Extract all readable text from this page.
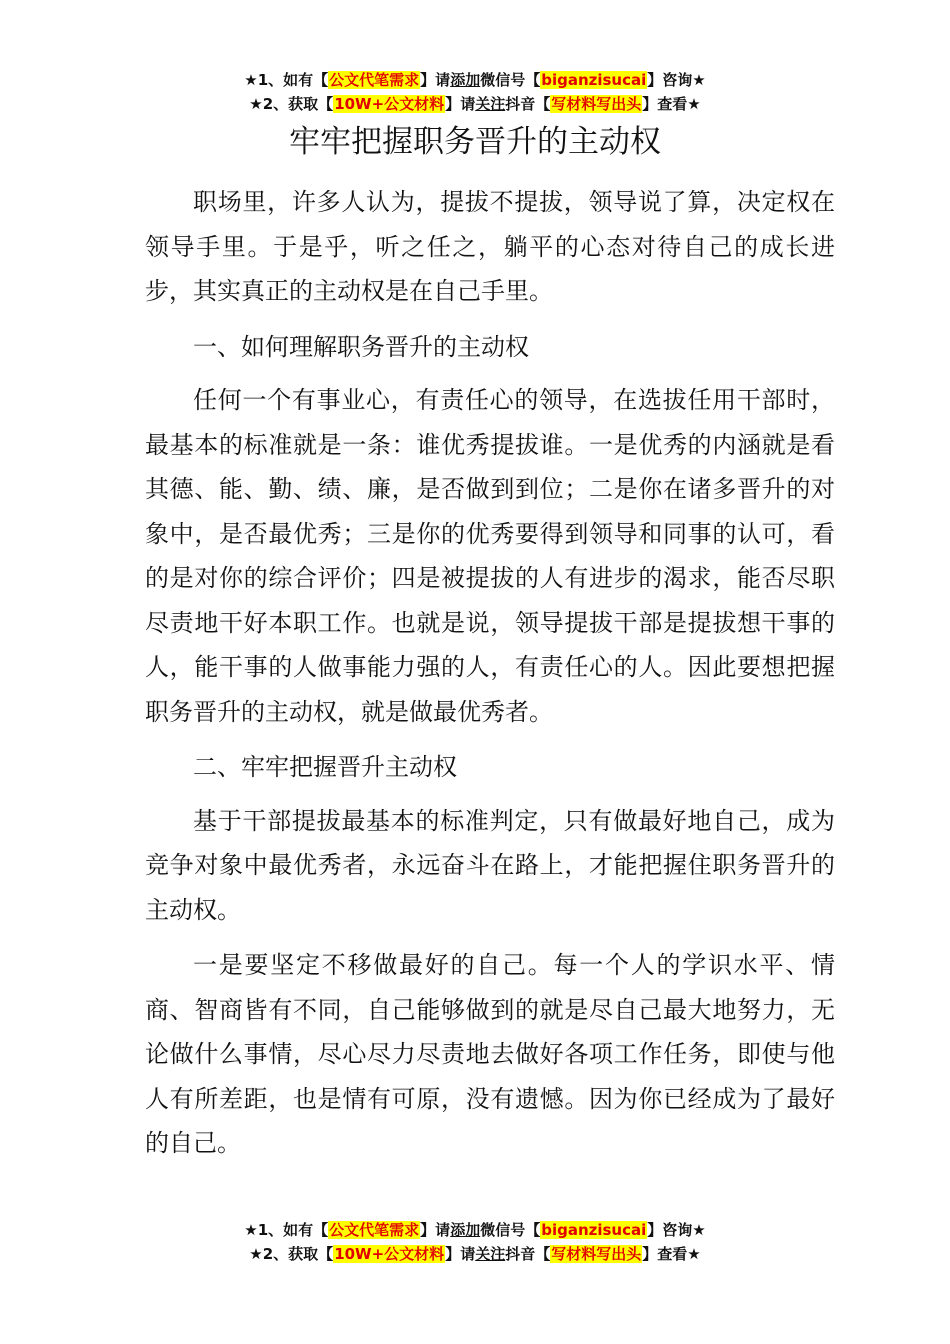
★1、如有【公文代笔需求】请添加微信号【biganzisucai】咨询★
★2、获取【10W+公文材料】请关注抖音【写材料写出头】查看★
牢牢把握职务晋升的主动权

职场里，许多人认为，提拔不提拔，领导说了算，决定权在领导手里。于是乎，听之任之，躺平的心态对待自己的成长进步，其实真正的主动权是在自己手里。

一、如何理解职务晋升的主动权

任何一个有事业心，有责任心的领导，在选拔任用干部时，最基本的标准就是一条：谁优秀提拔谁。一是优秀的内涵就是看其德、能、勤、绩、廉，是否做到到位；二是你在诸多晋升的对象中，是否最优秀；三是你的优秀要得到领导和同事的认可，看的是对你的综合评价；四是被提拔的人有进步的渴求，能否尽职尽责地干好本职工作。也就是说，领导提拔干部是提拔想干事的人，能干事的人做事能力强的人，有责任心的人。因此要想把握职务晋升的主动权，就是做最优秀者。

二、牢牢把握晋升主动权

基于干部提拔最基本的标准判定，只有做最好地自己，成为竞争对象中最优秀者，永远奋斗在路上，才能把握住职务晋升的主动权。

一是要坚定不移做最好的自己。每一个人的学识水平、情商、智商皆有不同，自己能够做到的就是尽自己最大地努力，无论做什么事情，尽心尽力尽责地去做好各项工作任务，即使与他人有所差距，也是情有可原，没有遗憾。因为你已经成为了最好的自己。

★1、如有【公文代笔需求】请添加微信号【biganzisucai】咨询★
★2、获取【10W+公文材料】请关注抖音【写材料写出头】查看★
